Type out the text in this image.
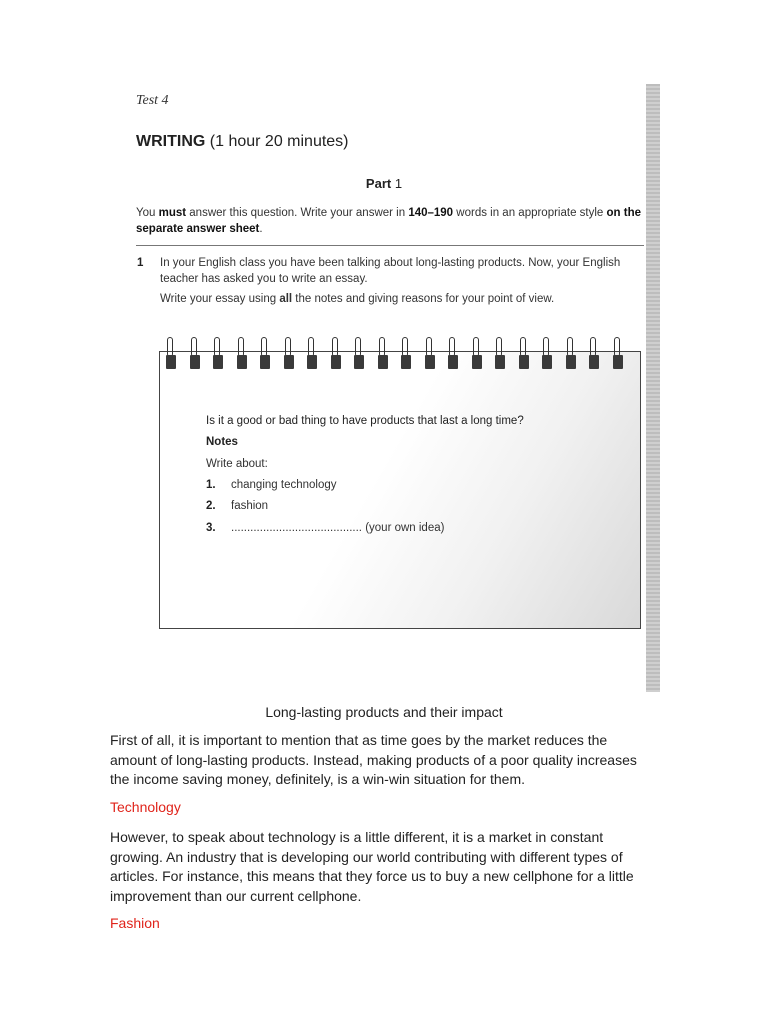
Test 4
WRITING (1 hour 20 minutes)
Part 1
You must answer this question. Write your answer in 140–190 words in an appropriate style on the separate answer sheet.
1 In your English class you have been talking about long-lasting products. Now, your English teacher has asked you to write an essay.
Write your essay using all the notes and giving reasons for your point of view.
Is it a good or bad thing to have products that last a long time?
Notes
Write about:
1. changing technology
2. fashion
3. ......................................... (your own idea)
Long-lasting products and their impact
First of all, it is important to mention that as time goes by the market reduces the amount of long-lasting products. Instead, making products of a poor quality increases the income saving money, definitely, is a win-win situation for them.
Technology
However, to speak about technology is a little different, it is a market in constant growing. An industry that is developing our world contributing with different types of articles. For instance, this means that they force us to buy a new cellphone for a little improvement than our current cellphone.
Fashion
